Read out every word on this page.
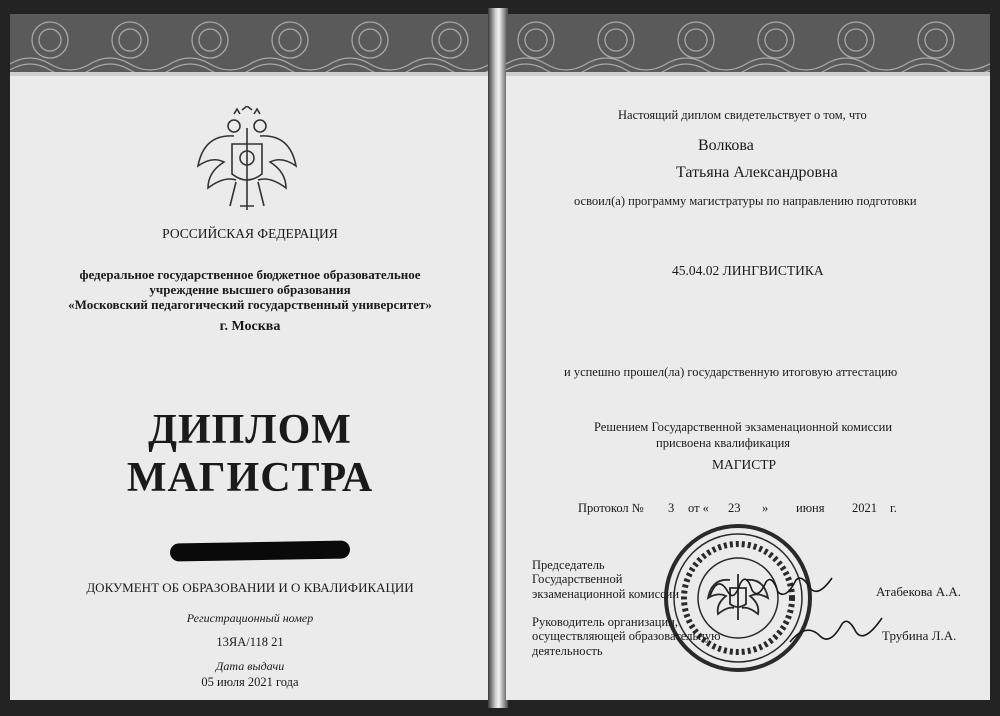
РОССИЙСКАЯ ФЕДЕРАЦИЯ
федеральное государственное бюджетное образовательное
учреждение высшего образования
«Московский педагогический государственный университет»
г. Москва
ДИПЛОМ
МАГИСТРА
ДОКУМЕНТ ОБ ОБРАЗОВАНИИ И О КВАЛИФИКАЦИИ
Регистрационный номер
13ЯА/118 21
Дата выдачи
05 июля 2021 года
Настоящий диплом свидетельствует о том, что
Волкова
Татьяна Александровна
освоил(а) программу магистратуры по направлению подготовки
45.04.02 ЛИНГВИСТИКА
и успешно прошел(ла) государственную итоговую аттестацию
Решением Государственной экзаменационной комиссии
присвоена квалификация
МАГИСТР
Протокол № 3 от « 23 » июня 2021 г.
Председатель
Государственной
экзаменационной комиссии	Атабекова А.А.
Руководитель организации,
осуществляющей образовательную
деятельность
Трубина Л.А.
